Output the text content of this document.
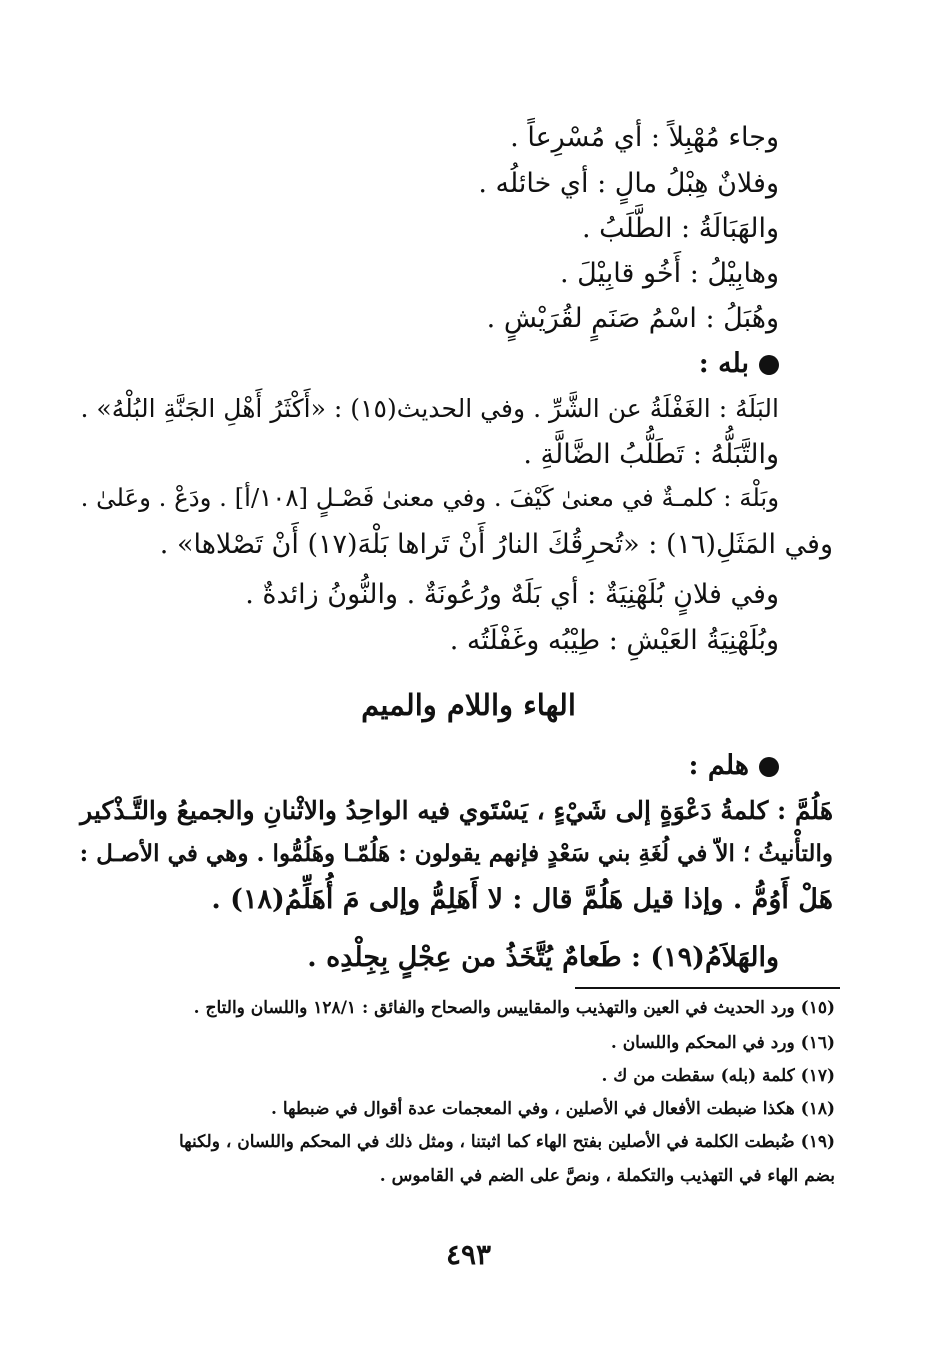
وجاء مُهْبِلاً : أي مُسْرِعاً .
وفلانٌ هِبْلُ مالٍ : أي خائلُه .
والهَبَالَةُ : الطَّلَبُ .
وهابِيْلُ : أَخُو قابِيْلَ .
وهُبَلُ : اسْمُ صَنَمٍ لقُرَيْشٍ .
بله :
البَلَهُ : الغَفْلَةُ عن الشَّرِّ . وفي الحديث(١٥) : «أَكْثَرُ أَهْلِ الجَنَّةِ البُلْهُ» .
والتَّبَلُّهُ : تَطَلُّبُ الضَّالَّةِ .
وبَلْهَ : كلمـةٌ في معنىٰ كَيْفَ . وفي معنىٰ فَصْـلٍ [١٠٨/أ] . ودَعْ . وعَلىٰ .
وفي المَثَلِ(١٦) : «تُحرِقُكَ النارُ أَنْ تَراها بَلْهَ(١٧) أَنْ تَصْلاها» .
وفي فلانٍ بُلَهْنِيَةٌ : أي بَلَهٌ ورُعُونَةٌ . والنُّونُ زائدةٌ .
وبُلَهْنِيَةُ العَيْشِ : طِيْبُه وغَفْلَتُه .
الهاء واللام والميم
هلم :
هَلُمَّ : كلمةُ دَعْوَةٍ إلى شَيْءٍ ، يَسْتَوي فيه الواحِدُ والاثْنانِ والجميعُ والتَّـذْكير
والتأْنيثُ ؛ الاّ في لُغَةِ بني سَعْدٍ فإنهم يقولون : هَلُمّـا وهَلُمُّوا . وهي في الأصـل :
هَلْ أَوُمُّ . وإذا قيل هَلُمَّ قال : لا أَهَلِمُّ وإلى مَ أُهَلِّمُ(١٨) .
والهَلاَمُ(١٩) : طَعامٌ يُتَّخَذُ من عِجْلٍ بِجِلْدِه .
(١٥) ورد الحديث في العين والتهذيب والمقاييس والصحاح والفائق : ١٢٨/١ واللسان والتاج .
(١٦) ورد في المحكم واللسان .
(١٧) كلمة (بله) سقطت من ك .
(١٨) هكذا ضبطت الأفعال في الأصلين ، وفي المعجمات عدة أقوال في ضبطها .
(١٩) ضُبطت الكلمة في الأصلين بفتح الهاء كما اثبتنا ، ومثل ذلك في المحكم واللسان ، ولكنها
بضم الهاء في التهذيب والتكملة ، ونصَّ على الضم في القاموس .
٤٩٣
